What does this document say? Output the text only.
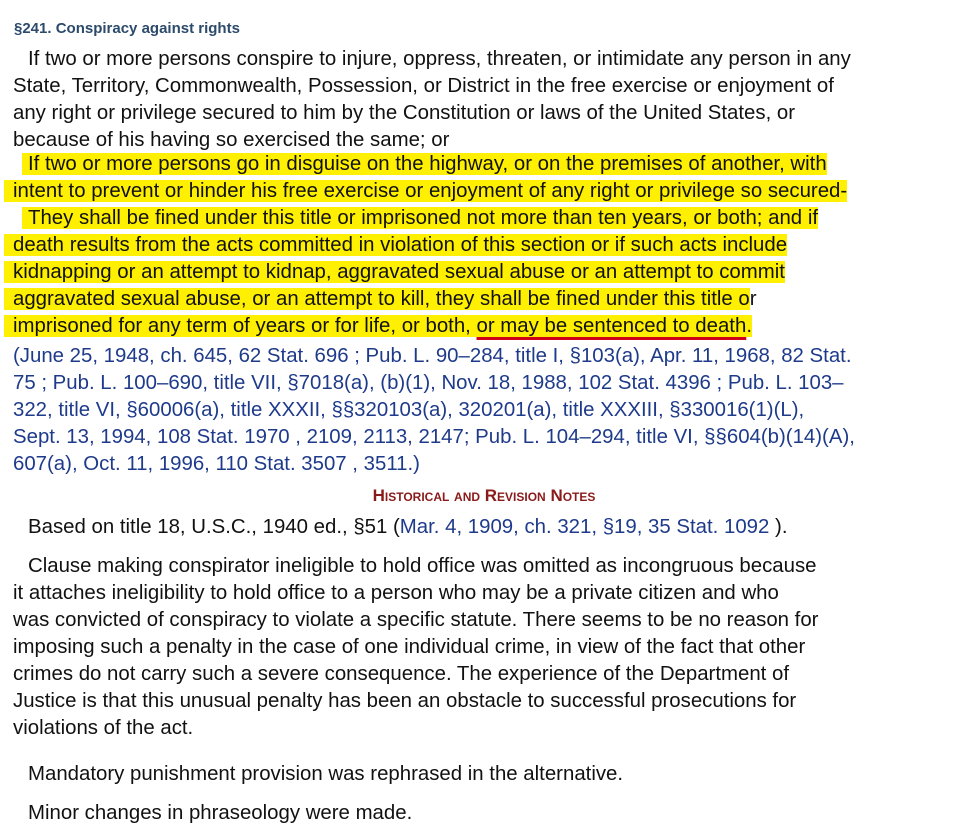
§241. Conspiracy against rights
If two or more persons conspire to injure, oppress, threaten, or intimidate any person in any
State, Territory, Commonwealth, Possession, or District in the free exercise or enjoyment of
any right or privilege secured to him by the Constitution or laws of the United States, or
because of his having so exercised the same; or
If two or more persons go in disguise on the highway, or on the premises of another, with
intent to prevent or hinder his free exercise or enjoyment of any right or privilege so secured-
They shall be fined under this title or imprisoned not more than ten years, or both; and if
death results from the acts committed in violation of this section or if such acts include
kidnapping or an attempt to kidnap, aggravated sexual abuse or an attempt to commit
aggravated sexual abuse, or an attempt to kill, they shall be fined under this title or
imprisoned for any term of years or for life, or both, or may be sentenced to death.
(June 25, 1948, ch. 645, 62 Stat. 696 ; Pub. L. 90–284, title I, §103(a), Apr. 11, 1968, 82 Stat.
75 ; Pub. L. 100–690, title VII, §7018(a), (b)(1), Nov. 18, 1988, 102 Stat. 4396 ; Pub. L. 103–
322, title VI, §60006(a), title XXXII, §§320103(a), 320201(a), title XXXIII, §330016(1)(L),
Sept. 13, 1994, 108 Stat. 1970 , 2109, 2113, 2147; Pub. L. 104–294, title VI, §§604(b)(14)(A),
607(a), Oct. 11, 1996, 110 Stat. 3507 , 3511.)
Historical and Revision Notes
Based on title 18, U.S.C., 1940 ed., §51 (Mar. 4, 1909, ch. 321, §19, 35 Stat. 1092 ).
Clause making conspirator ineligible to hold office was omitted as incongruous because
it attaches ineligibility to hold office to a person who may be a private citizen and who
was convicted of conspiracy to violate a specific statute. There seems to be no reason for
imposing such a penalty in the case of one individual crime, in view of the fact that other
crimes do not carry such a severe consequence. The experience of the Department of
Justice is that this unusual penalty has been an obstacle to successful prosecutions for
violations of the act.
Mandatory punishment provision was rephrased in the alternative.
Minor changes in phraseology were made.
